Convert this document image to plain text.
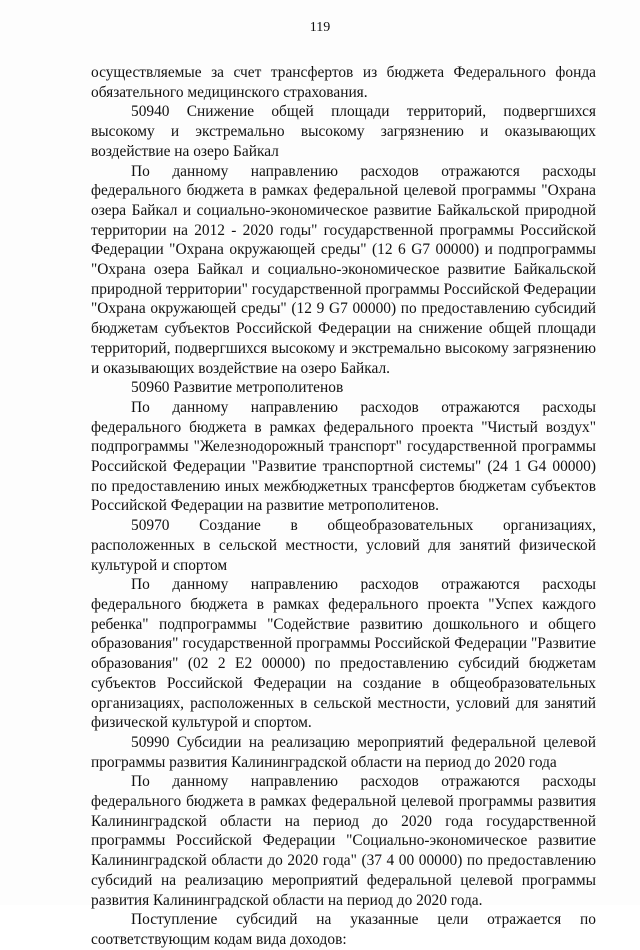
119

осуществляемые за счет трансфертов из бюджета Федерального фонда обязательного медицинского страхования.

50940 Снижение общей площади территорий, подвергшихся высокому и экстремально высокому загрязнению и оказывающих воздействие на озеро Байкал

По данному направлению расходов отражаются расходы федерального бюджета в рамках федеральной целевой программы "Охрана озера Байкал и социально-экономическое развитие Байкальской природной территории на 2012 - 2020 годы" государственной программы Российской Федерации "Охрана окружающей среды" (12 6 G7 00000) и подпрограммы "Охрана озера Байкал и социально-экономическое развитие Байкальской природной территории" государственной программы Российской Федерации "Охрана окружающей среды" (12 9 G7 00000) по предоставлению субсидий бюджетам субъектов Российской Федерации на снижение общей площади территорий, подвергшихся высокому и экстремально высокому загрязнению и оказывающих воздействие на озеро Байкал.

50960 Развитие метрополитенов

По данному направлению расходов отражаются расходы федерального бюджета в рамках федерального проекта "Чистый воздух" подпрограммы "Железнодорожный транспорт" государственной программы Российской Федерации "Развитие транспортной системы" (24 1 G4 00000) по предоставлению иных межбюджетных трансфертов бюджетам субъектов Российской Федерации на развитие метрополитенов.

50970 Создание в общеобразовательных организациях, расположенных в сельской местности, условий для занятий физической культурой и спортом

По данному направлению расходов отражаются расходы федерального бюджета в рамках федерального проекта "Успех каждого ребенка" подпрограммы "Содействие развитию дошкольного и общего образования" государственной программы Российской Федерации "Развитие образования" (02 2 E2 00000) по предоставлению субсидий бюджетам субъектов Российской Федерации на создание в общеобразовательных организациях, расположенных в сельской местности, условий для занятий физической культурой и спортом.

50990 Субсидии на реализацию мероприятий федеральной целевой программы развития Калининградской области на период до 2020 года

По данному направлению расходов отражаются расходы федерального бюджета в рамках федеральной целевой программы развития Калининградской области на период до 2020 года государственной программы Российской Федерации "Социально-экономическое развитие Калининградской области до 2020 года" (37 4 00 00000) по предоставлению субсидий на реализацию мероприятий федеральной целевой программы развития Калининградской области на период до 2020 года.

Поступление субсидий на указанные цели отражается по соответствующим кодам вида доходов:
